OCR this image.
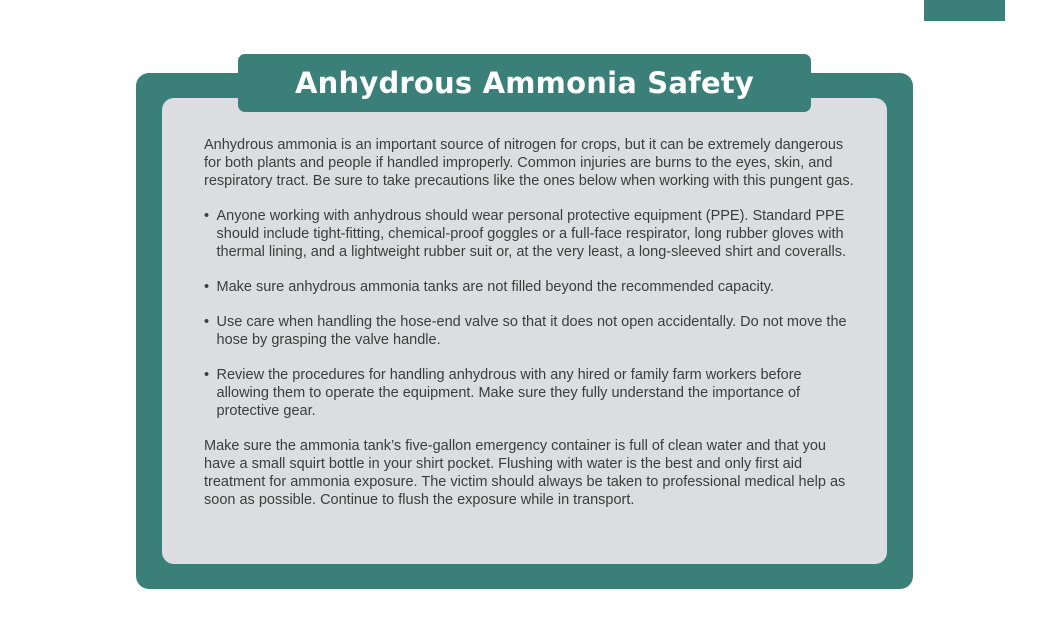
Anhydrous Ammonia Safety

Anhydrous ammonia is an important source of nitrogen for crops, but it can be extremely dangerous for both plants and people if handled improperly. Common injuries are burns to the eyes, skin, and respiratory tract. Be sure to take precautions like the ones below when working with this pungent gas.

• Anyone working with anhydrous should wear personal protective equipment (PPE). Standard PPE should include tight-fitting, chemical-proof goggles or a full-face respirator, long rubber gloves with thermal lining, and a lightweight rubber suit or, at the very least, a long-sleeved shirt and coveralls.
• Make sure anhydrous ammonia tanks are not filled beyond the recommended capacity.
• Use care when handling the hose-end valve so that it does not open accidentally. Do not move the hose by grasping the valve handle.
• Review the procedures for handling anhydrous with any hired or family farm workers before allowing them to operate the equipment. Make sure they fully understand the importance of protective gear.

Make sure the ammonia tank’s five-gallon emergency container is full of clean water and that you have a small squirt bottle in your shirt pocket. Flushing with water is the best and only first aid treatment for ammonia exposure. The victim should always be taken to professional medical help as soon as possible. Continue to flush the exposure while in transport.
